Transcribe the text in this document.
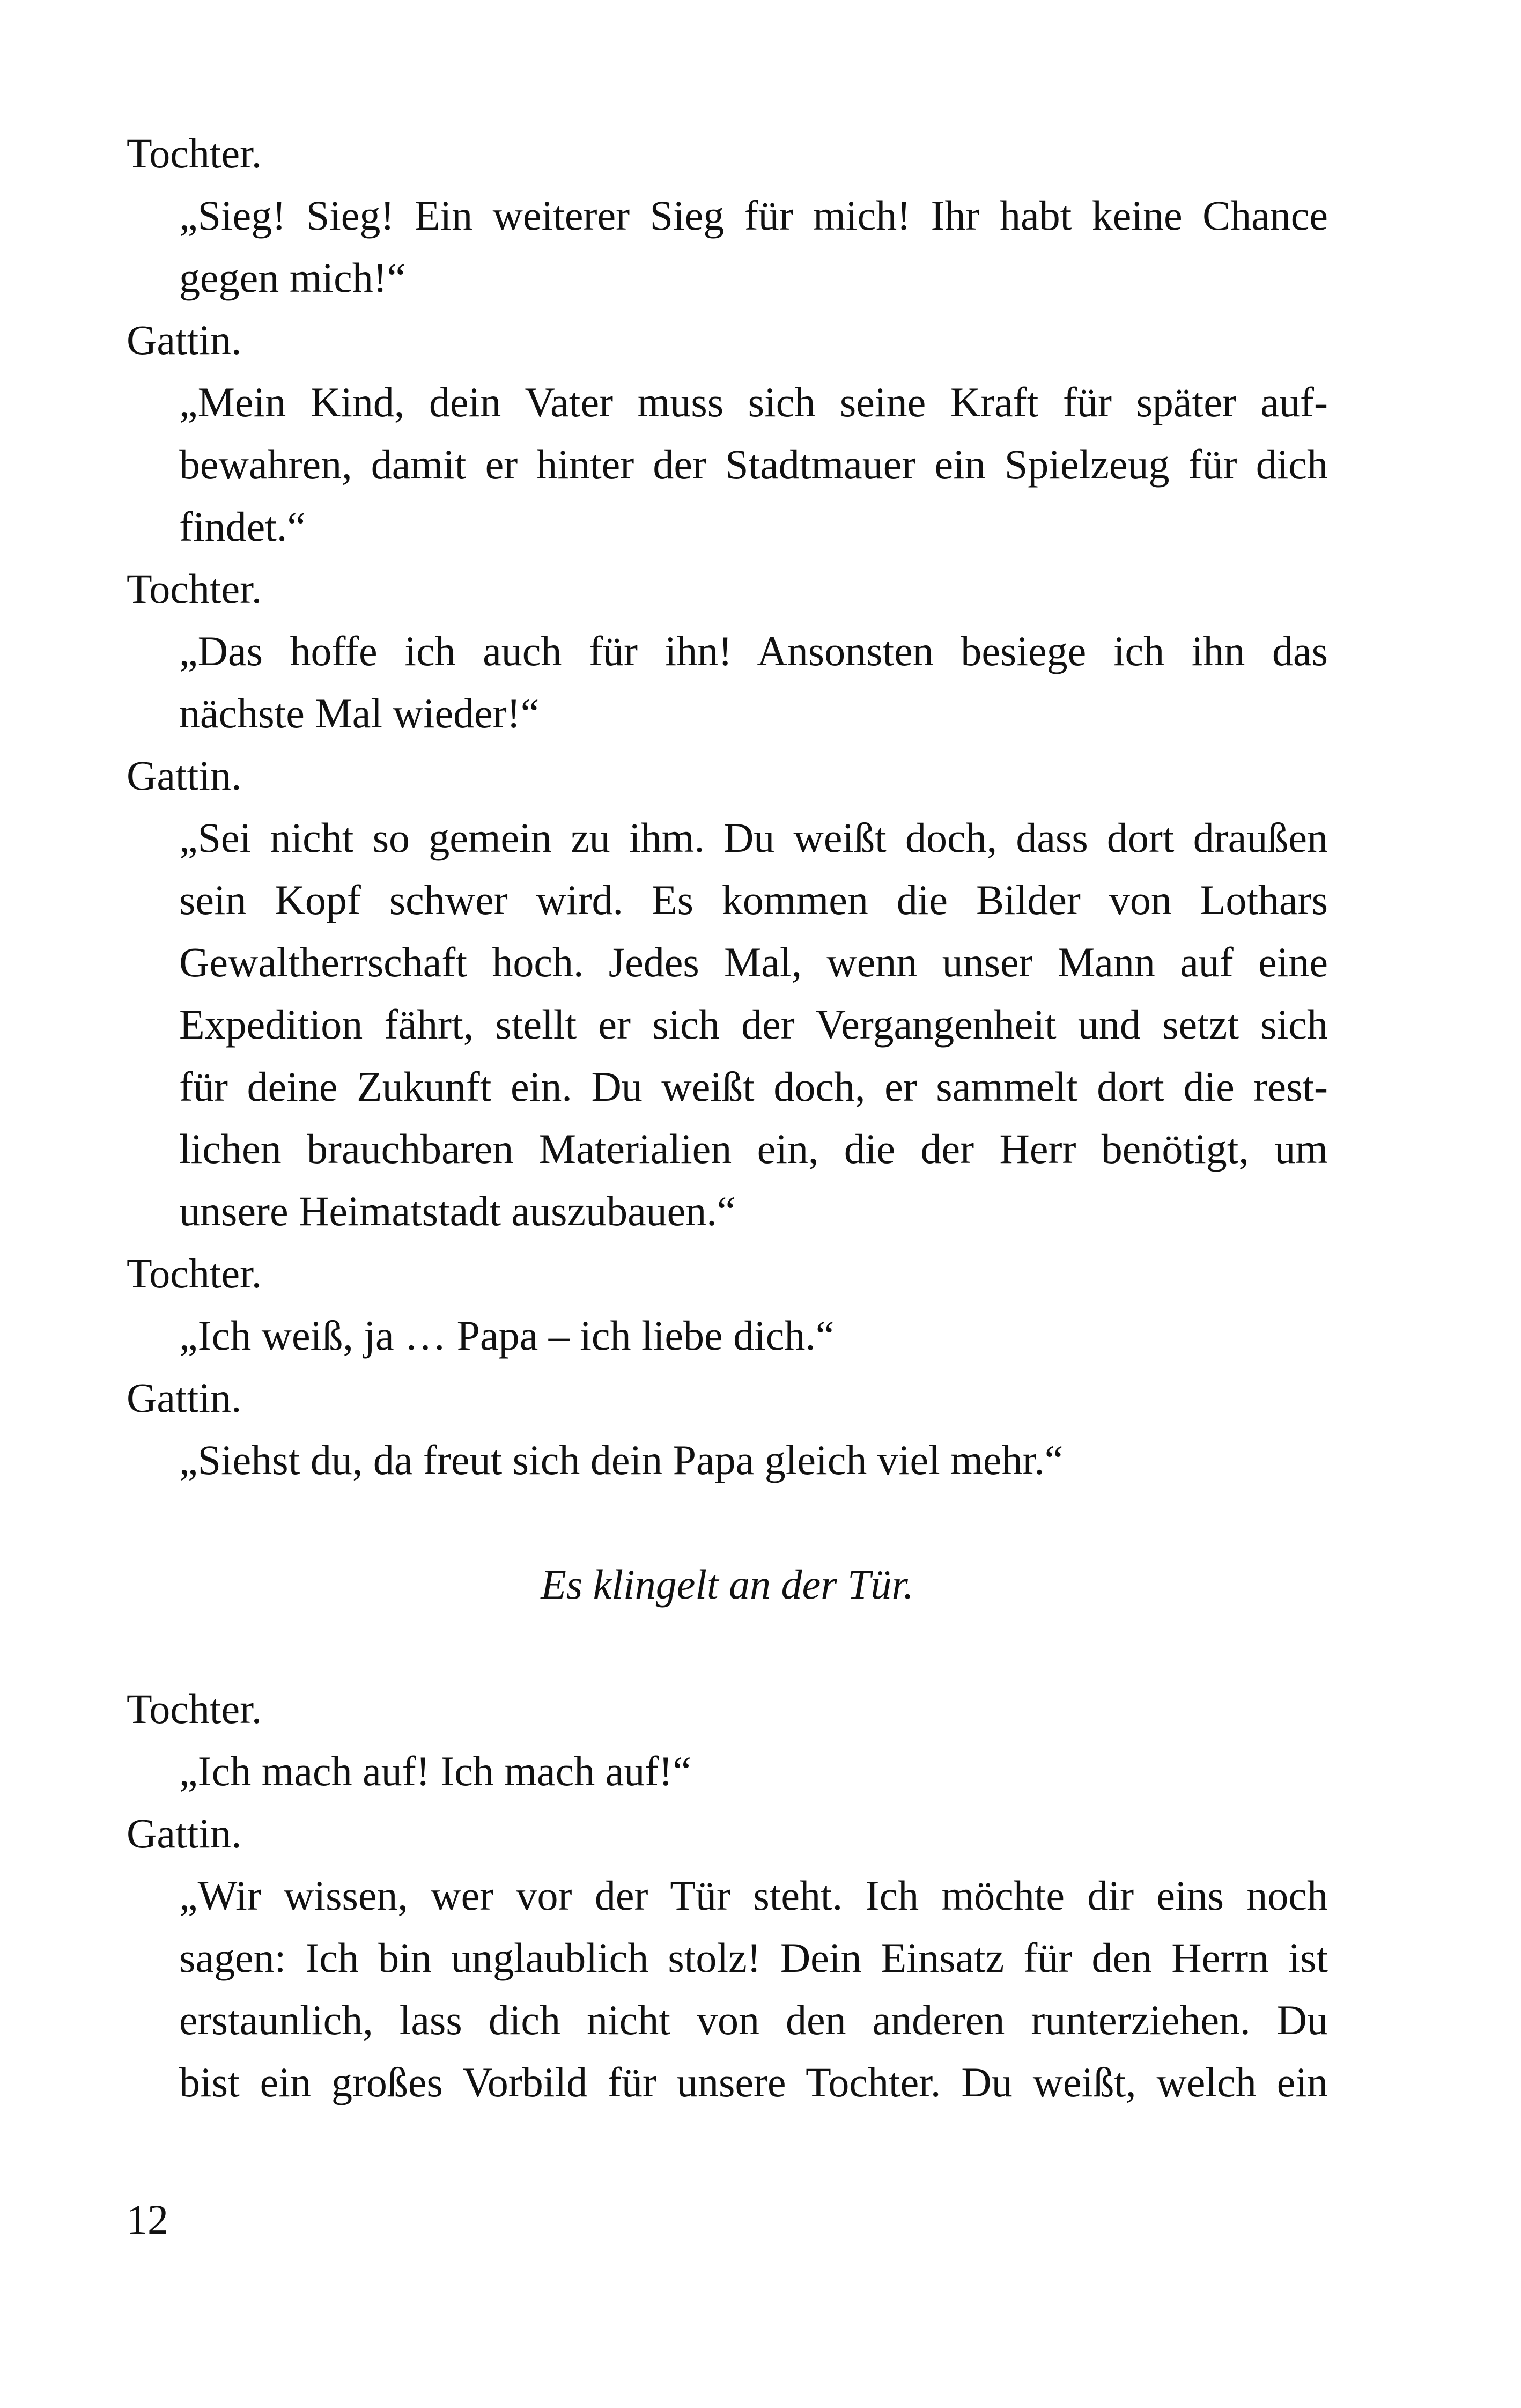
Tochter.
„Sieg! Sieg! Ein weiterer Sieg für mich! Ihr habt keine Chance
gegen mich!“
Gattin.
„Mein Kind, dein Vater muss sich seine Kraft für später auf-
bewahren, damit er hinter der Stadtmauer ein Spielzeug für dich
findet.“
Tochter.
„Das hoffe ich auch für ihn! Ansonsten besiege ich ihn das
nächste Mal wieder!“
Gattin.
„Sei nicht so gemein zu ihm. Du weißt doch, dass dort draußen
sein Kopf schwer wird. Es kommen die Bilder von Lothars
Gewaltherrschaft hoch. Jedes Mal, wenn unser Mann auf eine
Expedition fährt, stellt er sich der Vergangenheit und setzt sich
für deine Zukunft ein. Du weißt doch, er sammelt dort die rest-
lichen brauchbaren Materialien ein, die der Herr benötigt, um
unsere Heimatstadt auszubauen.“
Tochter.
„Ich weiß, ja … Papa – ich liebe dich.“
Gattin.
„Siehst du, da freut sich dein Papa gleich viel mehr.“
Es klingelt an der Tür.
Tochter.
„Ich mach auf! Ich mach auf!“
Gattin.
„Wir wissen, wer vor der Tür steht. Ich möchte dir eins noch
sagen: Ich bin unglaublich stolz! Dein Einsatz für den Herrn ist
erstaunlich, lass dich nicht von den anderen runterziehen. Du
bist ein großes Vorbild für unsere Tochter. Du weißt, welch ein
12
